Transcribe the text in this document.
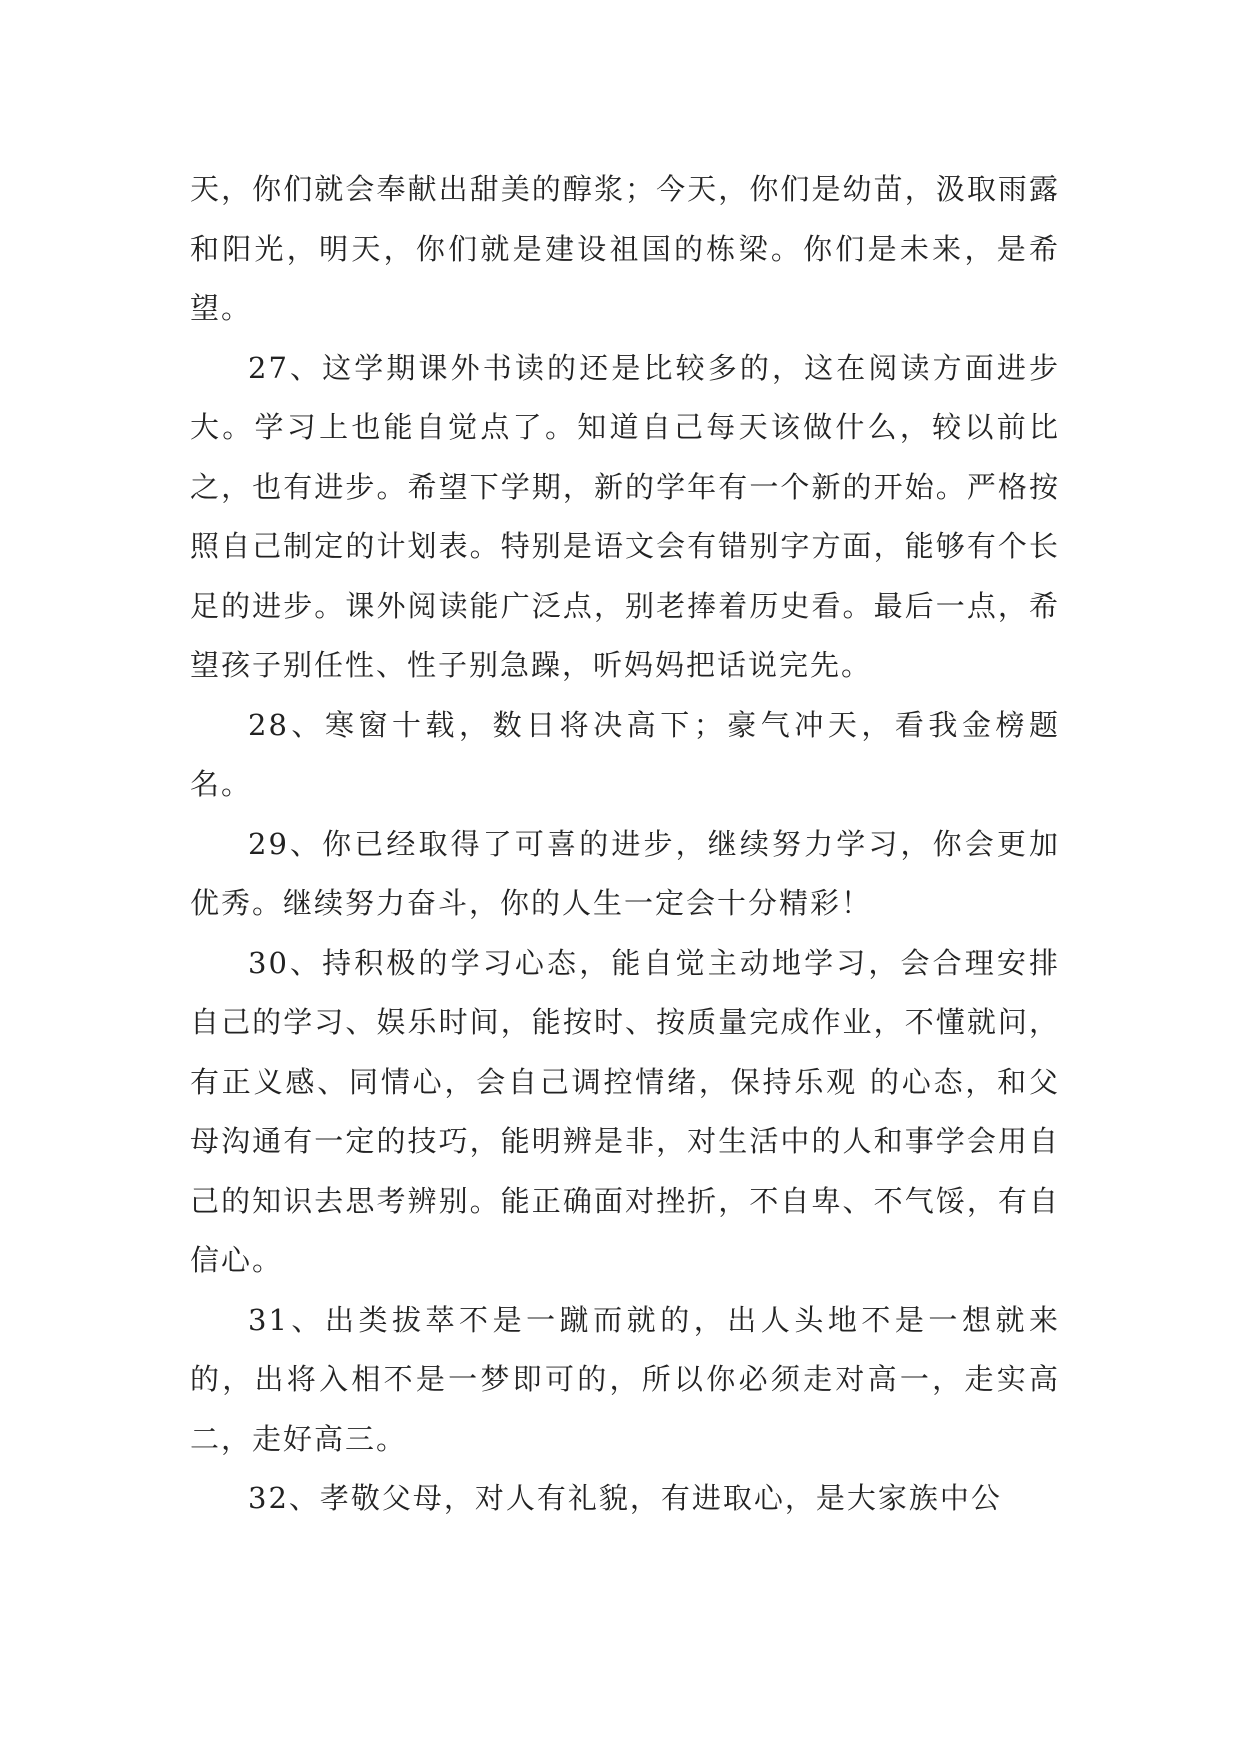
天，你们就会奉献出甜美的醇浆；今天，你们是幼苗，汲取雨露和阳光，明天，你们就是建设祖国的栋梁。你们是未来，是希 望。

27、这学期课外书读的还是比较多的，这在阅读方面进步大。学习上也能自觉点了。知道自己每天该做什么，较以前比之，也有进步。希望下学期，新的学年有一个新的开始。严格按照自己制定的计划表。特别是语文会有错别字方面，能够有个长足的进步。课外阅读能广泛点，别老捧着历史看。最后一点，希望孩子别任性、性子别急躁，听妈妈把话说完先。

28、寒窗十载，数日将决高下；豪气冲天，看我金榜题名。

29、你已经取得了可喜的进步，继续努力学习，你会更加优秀。继续努力奋斗，你的人生一定会十分精彩！

30、持积极的学习心态，能自觉主动地学习，会合理安排自己的学习、娱乐时间，能按时、按质量完成作业，不懂就问，有正义感、同情心，会自己调控情绪，保持乐观 的心态，和父母沟通有一定的技巧，能明辨是非，对生活中的人和事学会用自己的知识去思考辨别。能正确面对挫折，不自卑、不气馁，有自信心。

31、出类拔萃不是一蹴而就的，出人头地不是一想就来的，出将入相不是一梦即可的，所以你必须走对高一，走实高二，走好高三。

32、孝敬父母，对人有礼貌，有进取心，是大家族中公
